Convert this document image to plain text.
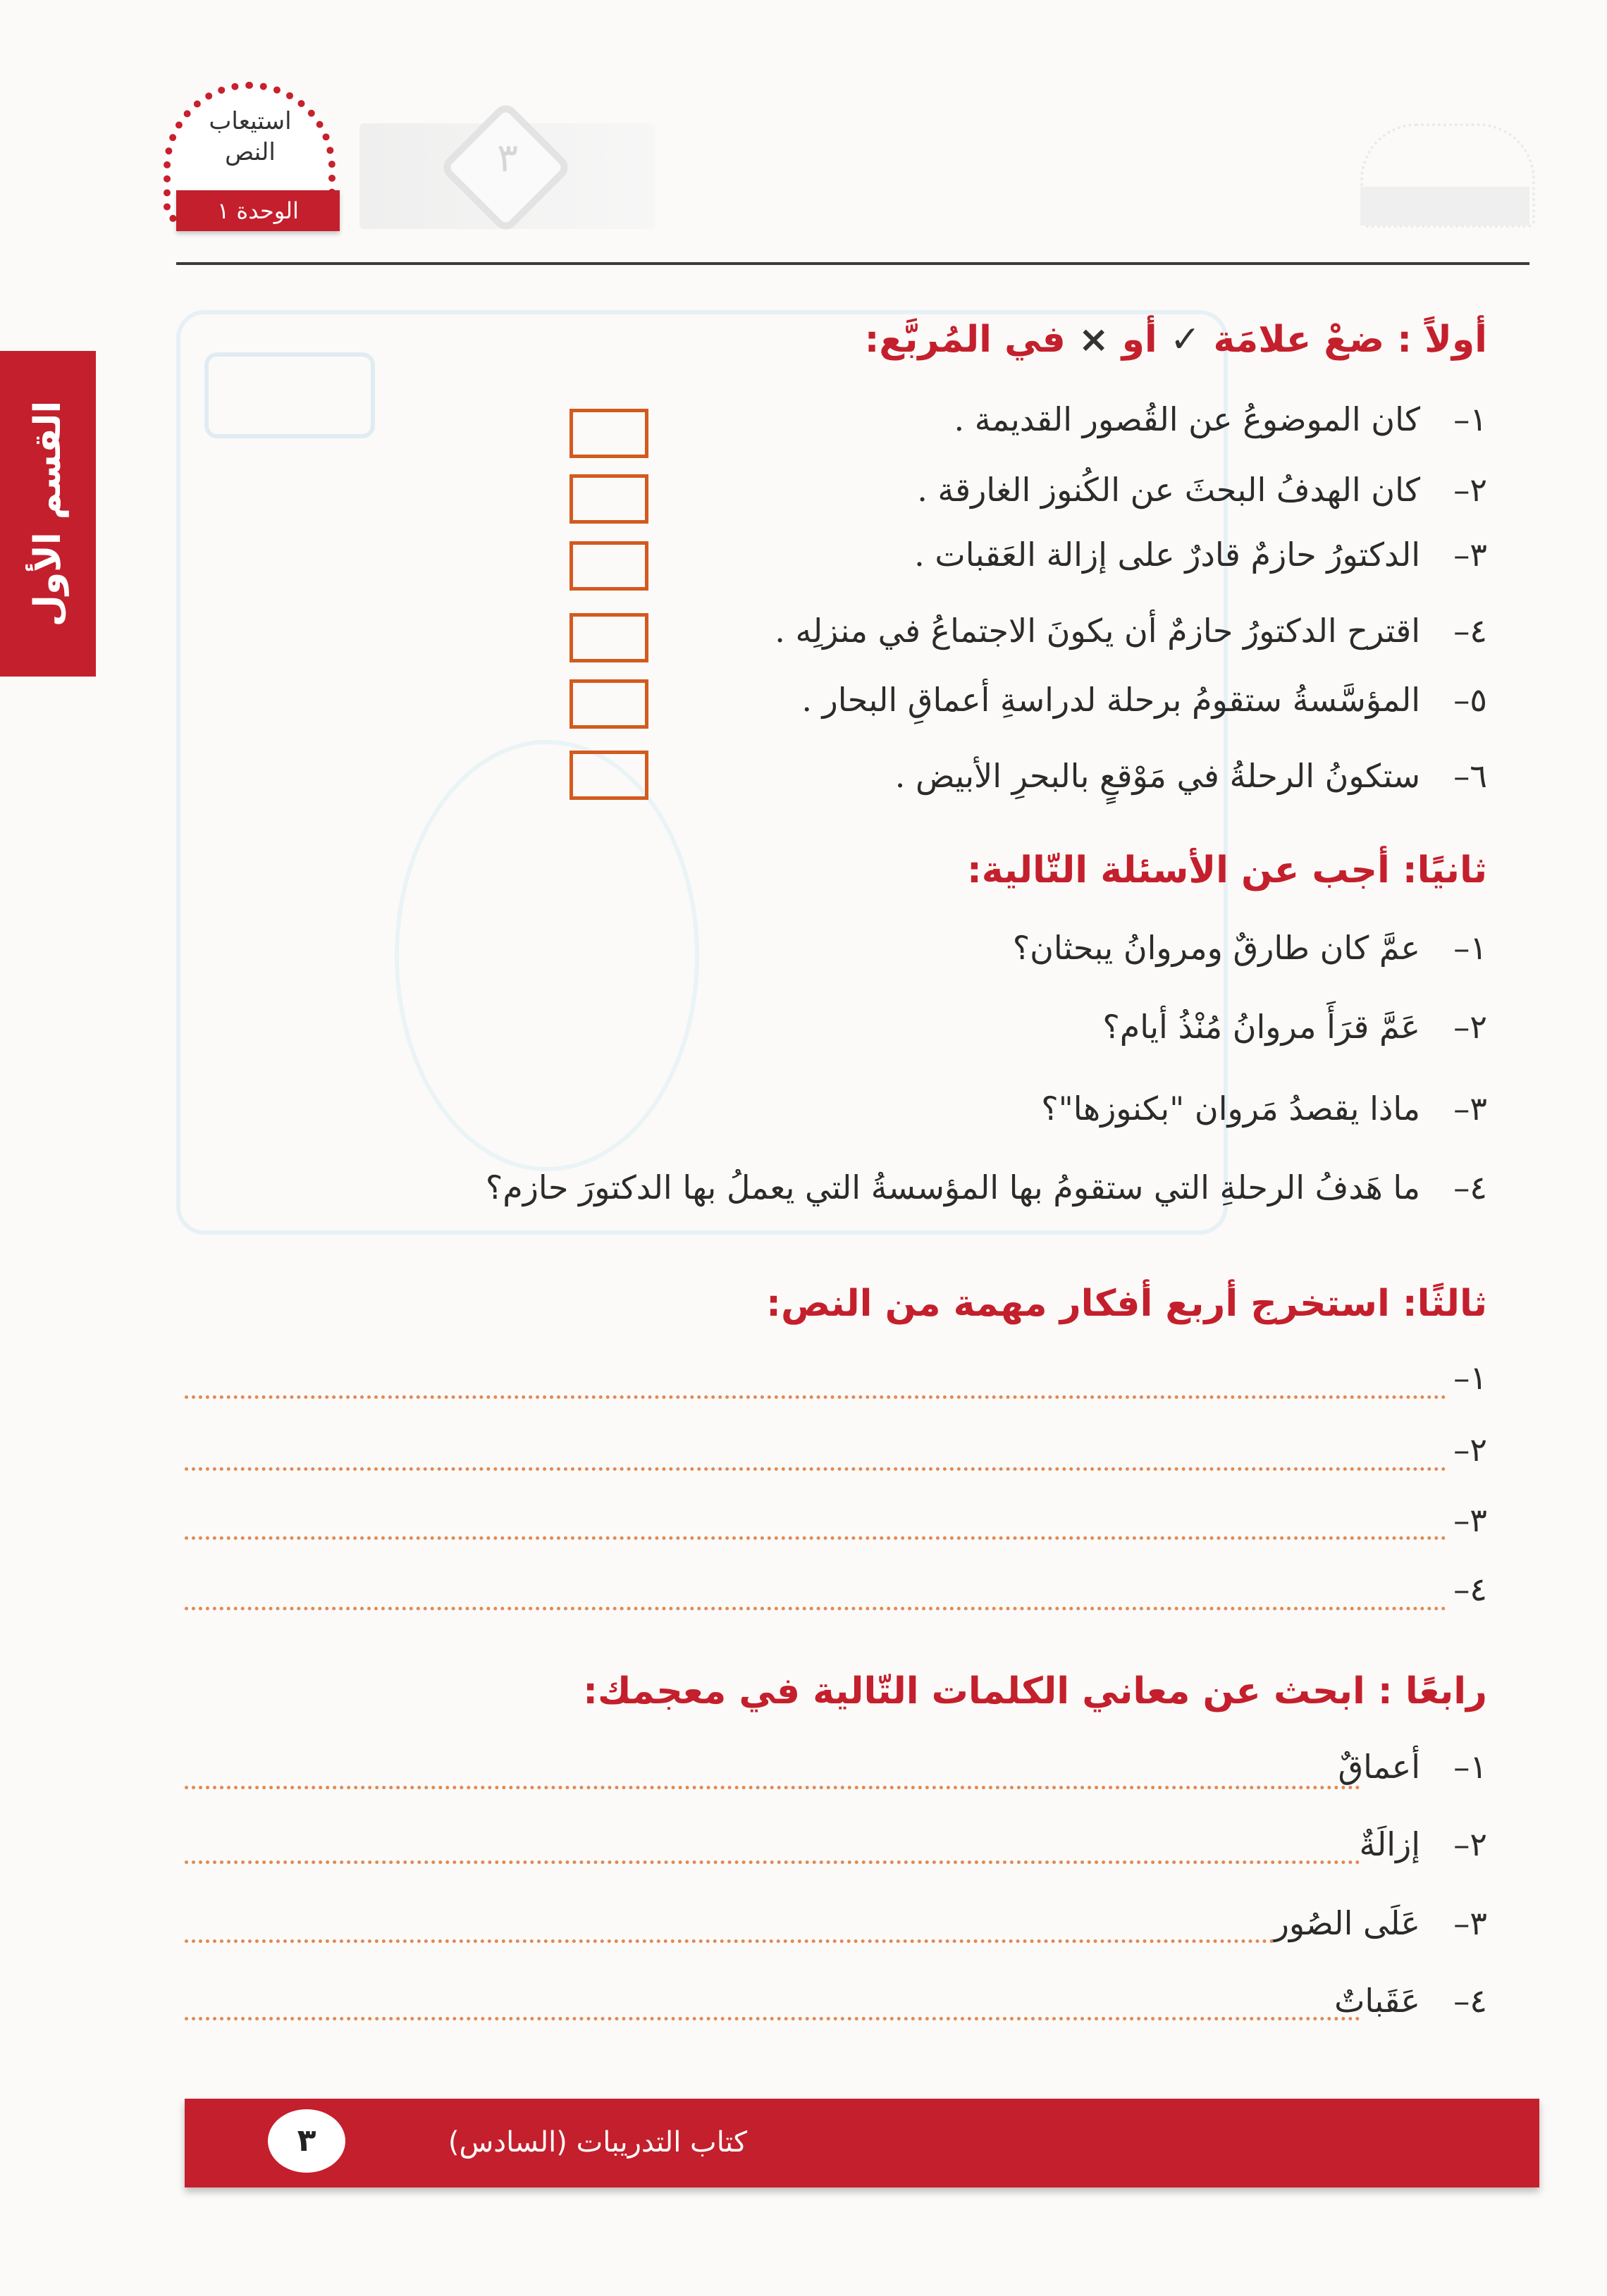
٣
استيعاب
النص
الوحدة ١
القسم الأول
أولاً : ضعْ علامَة ✓ أو × في المُربَّع:
١–كان الموضوعُ عن القُصور القديمة .
٢–كان الهدفُ البحثَ عن الكُنوز الغارقة .
٣–الدكتورُ حازمٌ قادرٌ على إزالة العَقبات .
٤–اقترح الدكتورُ حازمٌ أن يكونَ الاجتماعُ في منزلِه .
٥–المؤسَّسةُ ستقومُ برحلة لدراسةِ أعماقِ البحار .
٦–ستكونُ الرحلةُ في مَوْقعٍ بالبحرِ الأبيض .
ثانيًا: أجب عن الأسئلة التّالية:
١–عمَّ كان طارقٌ ومروانُ يبحثان؟
٢–عَمَّ قرَأَ مروانُ مُنْذُ أيام؟
٣–ماذا يقصدُ مَروان "بكنوزها"؟
٤–ما هَدفُ الرحلةِ التي ستقومُ بها المؤسسةُ التي يعملُ بها الدكتورَ حازم؟
ثالثًا: استخرج أربع أفكار مهمة من النص:
١–
٢–
٣–
٤–
رابعًا : ابحث عن معاني الكلمات التّالية في معجمك:
١–أعماقٌ
٢–إزالَةٌ
٣–عَلَى الصُور
٤–عَقَباتٌ
كتاب التدريبات (السادس)
٣
